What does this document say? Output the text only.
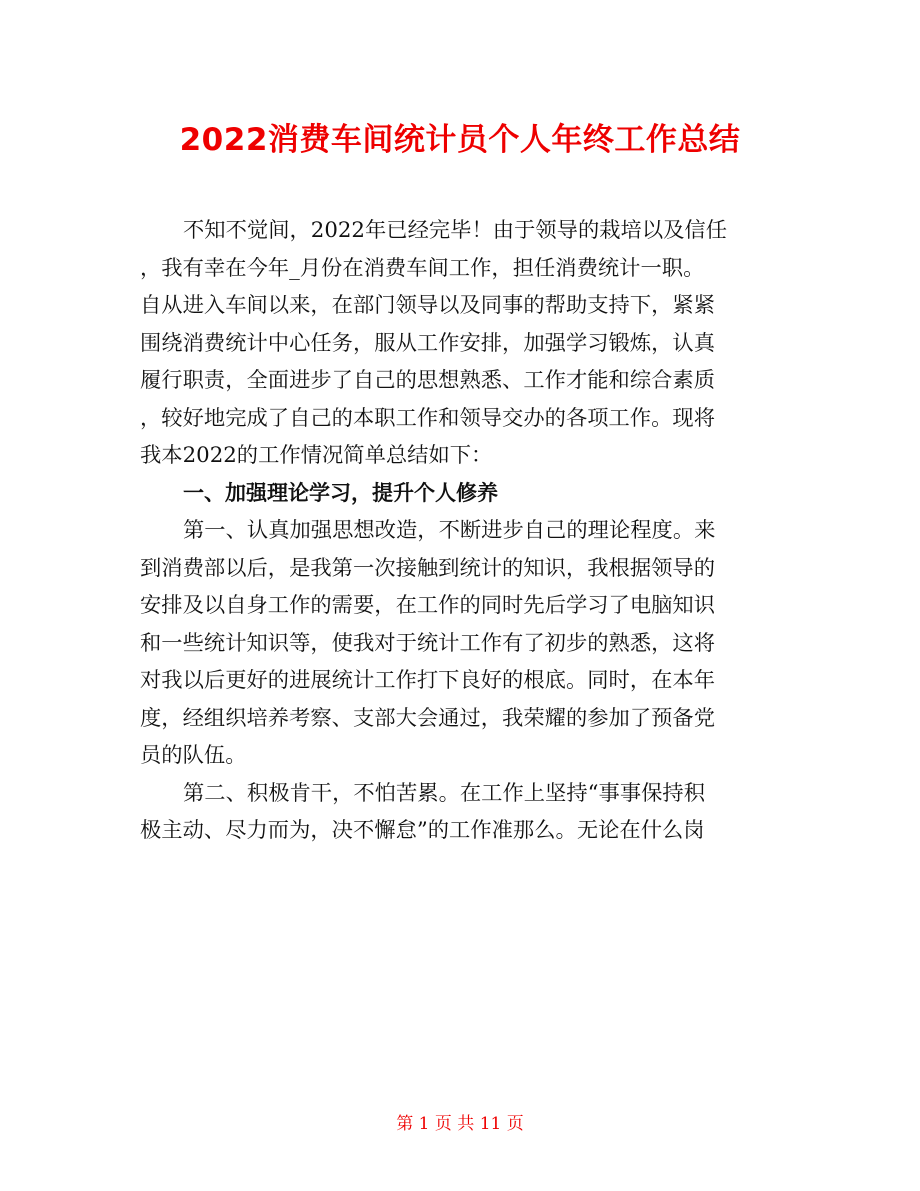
2022消费车间统计员个人年终工作总结
不知不觉间，2022年已经完毕！由于领导的栽培以及信任
，我有幸在今年_月份在消费车间工作，担任消费统计一职。
自从进入车间以来，在部门领导以及同事的帮助支持下，紧紧
围绕消费统计中心任务，服从工作安排，加强学习锻炼，认真
履行职责，全面进步了自己的思想熟悉、工作才能和综合素质
，较好地完成了自己的本职工作和领导交办的各项工作。现将
我本2022的工作情况简单总结如下：
一、加强理论学习，提升个人修养
第一、认真加强思想改造，不断进步自己的理论程度。来
到消费部以后，是我第一次接触到统计的知识，我根据领导的
安排及以自身工作的需要，在工作的同时先后学习了电脑知识
和一些统计知识等，使我对于统计工作有了初步的熟悉，这将
对我以后更好的进展统计工作打下良好的根底。同时，在本年
度，经组织培养考察、支部大会通过，我荣耀的参加了预备党
员的队伍。
第二、积极肯干，不怕苦累。在工作上坚持“事事保持积
极主动、尽力而为，决不懈怠”的工作准那么。无论在什么岗
第 1 页 共 11 页
